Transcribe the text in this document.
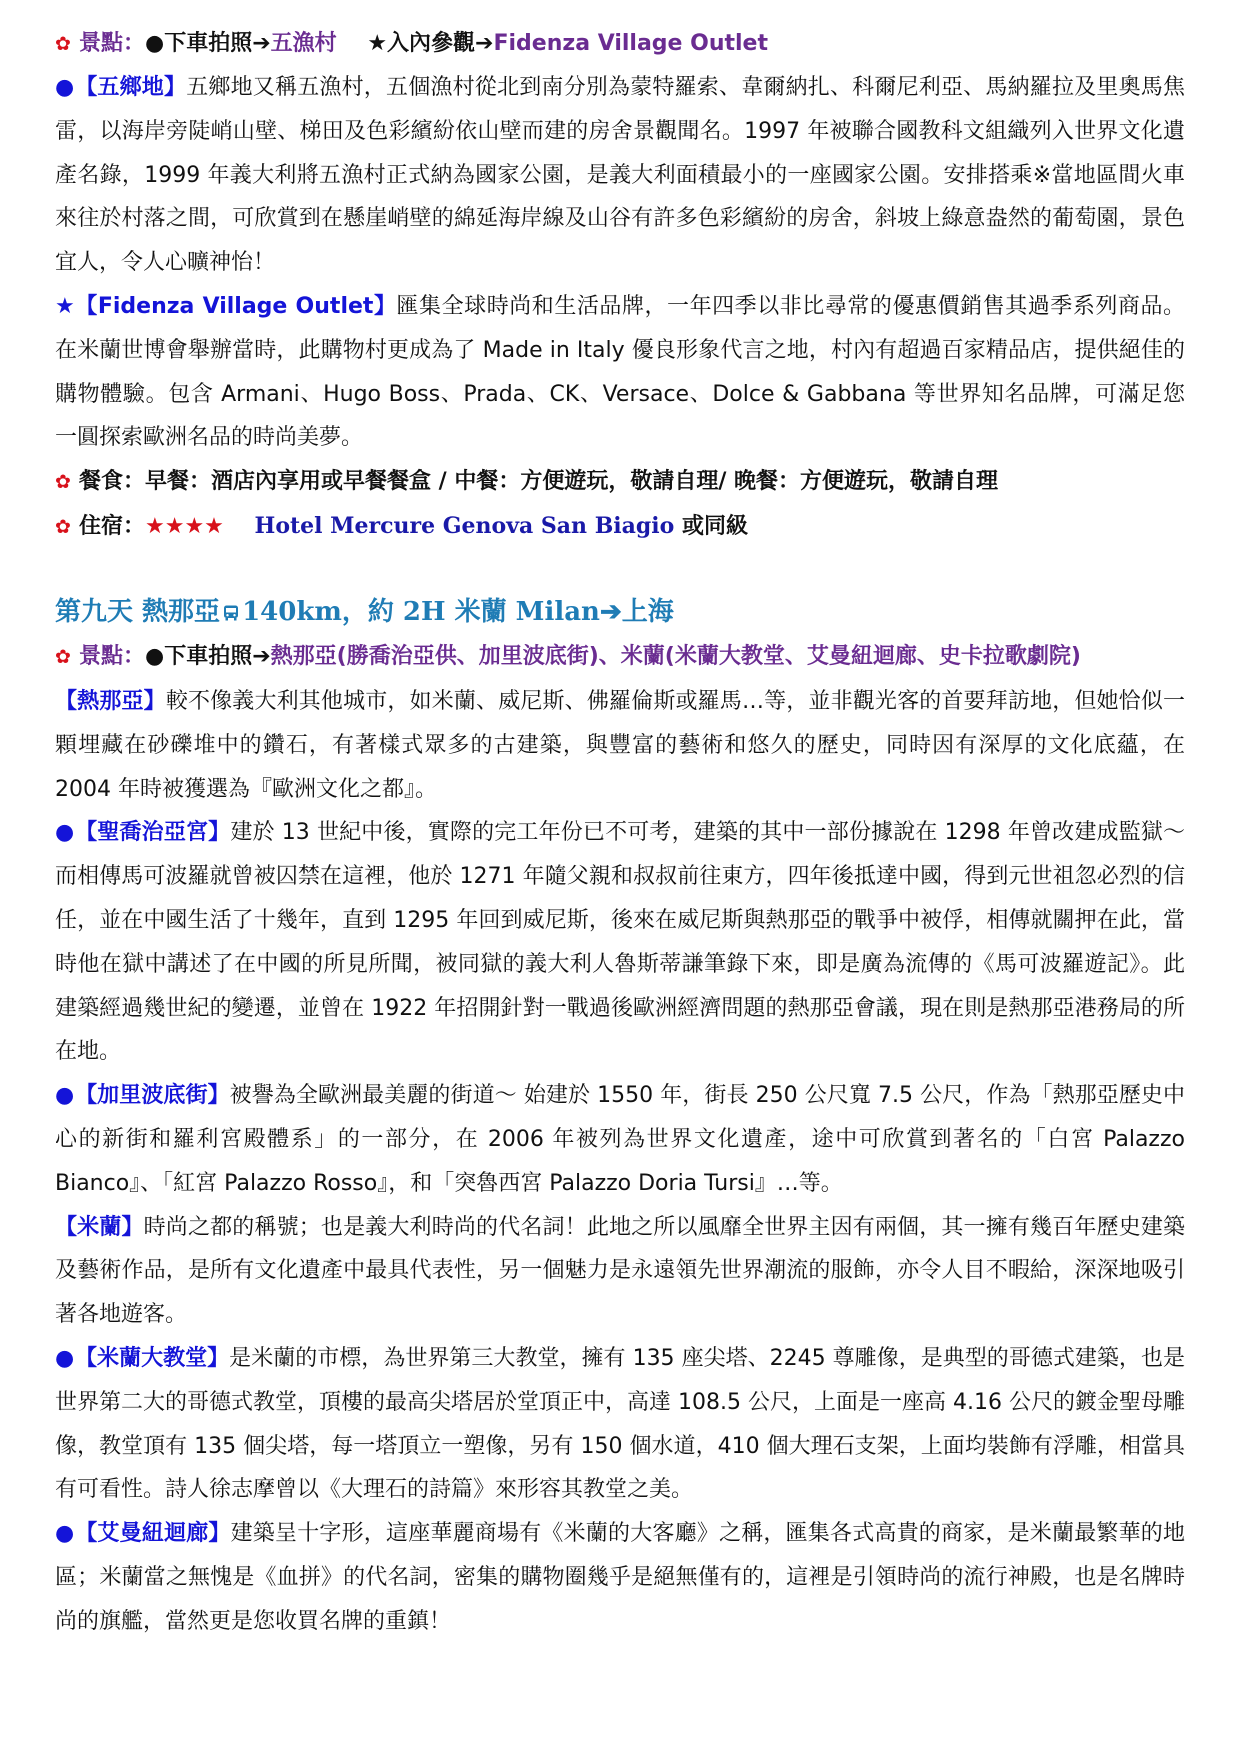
✿ 景點：●下車拍照➔五漁村 ★入內參觀➔Fidenza Village Outlet

●【五鄉地】五鄉地又稱五漁村，五個漁村從北到南分別為蒙特羅索、韋爾納扎、科爾尼利亞、馬納羅拉及里奧馬焦雷，以海岸旁陡峭山壁、梯田及色彩繽紛依山壁而建的房舍景觀聞名。1997 年被聯合國教科文組織列入世界文化遺產名錄，1999 年義大利將五漁村正式納為國家公園，是義大利面積最小的一座國家公園。安排搭乘※當地區間火車來往於村落之間，可欣賞到在懸崖峭壁的綿延海岸線及山谷有許多色彩繽紛的房舍，斜坡上綠意盎然的葡萄園，景色宜人，令人心曠神怡！

★【Fidenza Village Outlet】匯集全球時尚和生活品牌，一年四季以非比尋常的優惠價銷售其過季系列商品。在米蘭世博會舉辦當時，此購物村更成為了 Made in Italy 優良形象代言之地，村內有超過百家精品店，提供絕佳的購物體驗。包含 Armani、Hugo Boss、Prada、CK、Versace、Dolce & Gabbana 等世界知名品牌，可滿足您一圓探索歐洲名品的時尚美夢。

✿ 餐食：早餐：酒店內享用或早餐餐盒 / 中餐：方便遊玩，敬請自理/ 晚餐：方便遊玩，敬請自理

✿ 住宿：★★★★ Hotel Mercure Genova San Biagio 或同級

第九天 熱那亞 140km，約 2H 米蘭 Milan➔上海

✿ 景點：●下車拍照➔熱那亞(勝喬治亞供、加里波底街)、米蘭(米蘭大教堂、艾曼紐迴廊、史卡拉歌劇院)

【熱那亞】較不像義大利其他城市，如米蘭、威尼斯、佛羅倫斯或羅馬…等，並非觀光客的首要拜訪地，但她恰似一顆埋藏在砂礫堆中的鑽石，有著樣式眾多的古建築，與豐富的藝術和悠久的歷史，同時因有深厚的文化底蘊，在 2004 年時被獲選為『歐洲文化之都』。

●【聖喬治亞宮】建於 13 世紀中後，實際的完工年份已不可考，建築的其中一部份據說在 1298 年曾改建成監獄～而相傳馬可波羅就曾被囚禁在這裡，他於 1271 年隨父親和叔叔前往東方，四年後抵達中國，得到元世祖忽必烈的信任，並在中國生活了十幾年，直到 1295 年回到威尼斯，後來在威尼斯與熱那亞的戰爭中被俘，相傳就關押在此，當時他在獄中講述了在中國的所見所聞，被同獄的義大利人魯斯蒂謙筆錄下來，即是廣為流傳的《馬可波羅遊記》。此建築經過幾世紀的變遷，並曾在 1922 年招開針對一戰過後歐洲經濟問題的熱那亞會議，現在則是熱那亞港務局的所在地。

●【加里波底街】被譽為全歐洲最美麗的街道～ 始建於 1550 年，街長 250 公尺寬 7.5 公尺，作為「熱那亞歷史中心的新街和羅利宮殿體系」的一部分，在 2006 年被列為世界文化遺產，途中可欣賞到著名的「白宮 Palazzo Bianco』、「紅宮 Palazzo Rosso』，和「突魯西宮 Palazzo Doria Tursi』…等。

【米蘭】時尚之都的稱號；也是義大利時尚的代名詞！此地之所以風靡全世界主因有兩個，其一擁有幾百年歷史建築及藝術作品，是所有文化遺產中最具代表性，另一個魅力是永遠領先世界潮流的服飾，亦令人目不暇給，深深地吸引著各地遊客。

●【米蘭大教堂】是米蘭的市標，為世界第三大教堂，擁有 135 座尖塔、2245 尊雕像，是典型的哥德式建築，也是世界第二大的哥德式教堂，頂樓的最高尖塔居於堂頂正中，高達 108.5 公尺，上面是一座高 4.16 公尺的鍍金聖母雕像，教堂頂有 135 個尖塔，每一塔頂立一塑像，另有 150 個水道，410 個大理石支架，上面均裝飾有浮雕，相當具有可看性。詩人徐志摩曾以《大理石的詩篇》來形容其教堂之美。

●【艾曼紐迴廊】建築呈十字形，這座華麗商場有《米蘭的大客廳》之稱，匯集各式高貴的商家，是米蘭最繁華的地區；米蘭當之無愧是《血拼》的代名詞，密集的購物圈幾乎是絕無僅有的，這裡是引領時尚的流行神殿，也是名牌時尚的旗艦，當然更是您收買名牌的重鎮！
